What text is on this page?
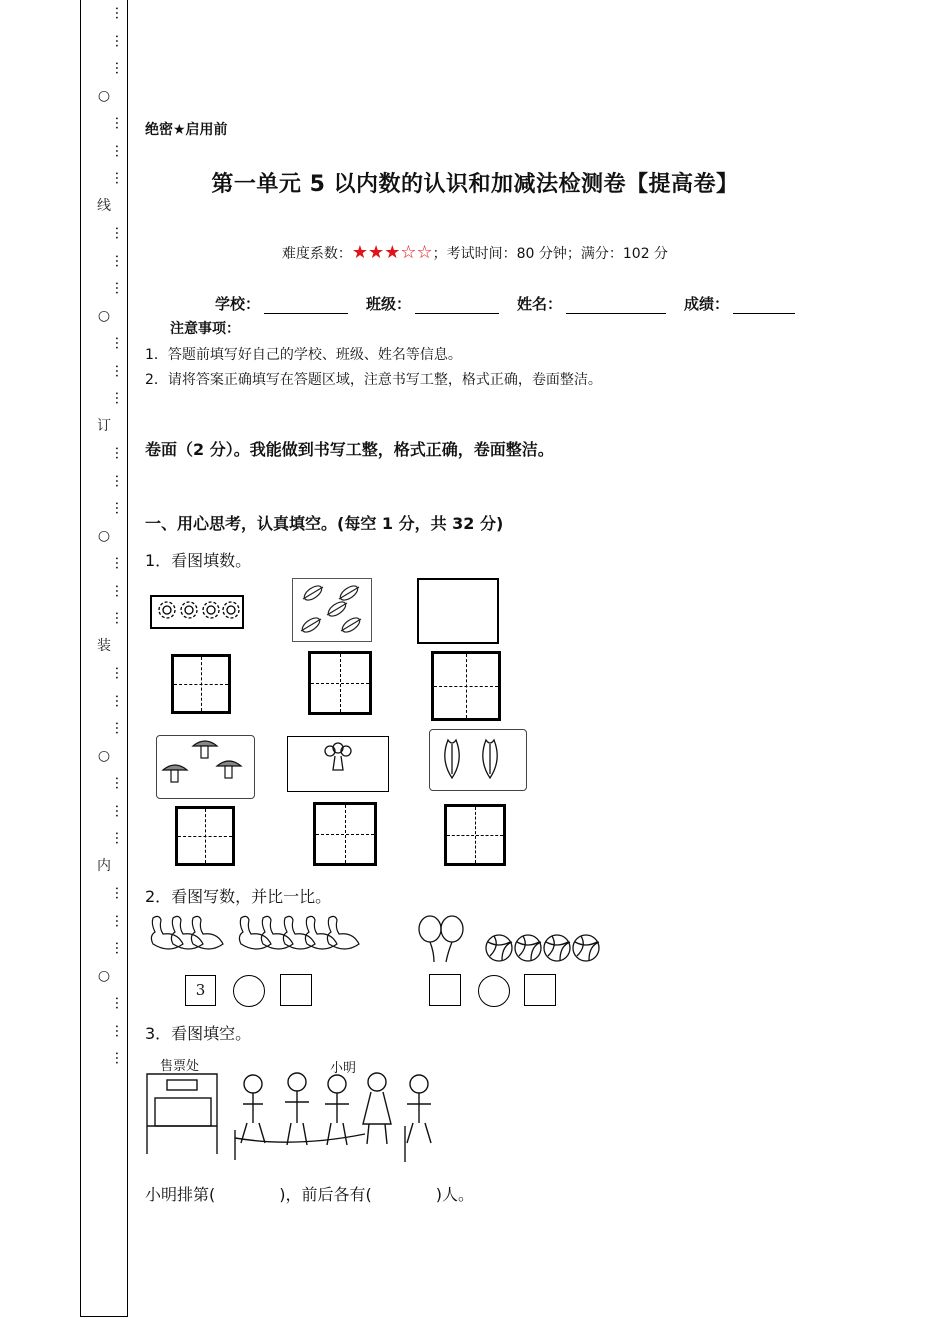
…
…
…
○
…
…
…
线
…
…
…
○
…
…
…
订
…
…
…
○
…
…
…
装
…
…
…
○
…
…
…
内
…
…
…
○
…
…
…
绝密★启用前
第一单元 5 以内数的认识和加减法检测卷【提高卷】
难度系数：★★★☆☆；考试时间：80 分钟；满分：102 分
学校：	班级：	姓名：	成绩：
注意事项：
1．答题前填写好自己的学校、班级、姓名等信息。
2．请将答案正确填写在答题区域，注意书写工整，格式正确，卷面整洁。
卷面（2 分）。我能做到书写工整，格式正确，卷面整洁。
一、用心思考，认真填空。(每空 1 分，共 32 分)
1．看图填数。
2．看图写数，并比一比。
3
3．看图填空。
售票处	小明
小明排第(　　　　)，前后各有(　　　　)人。
